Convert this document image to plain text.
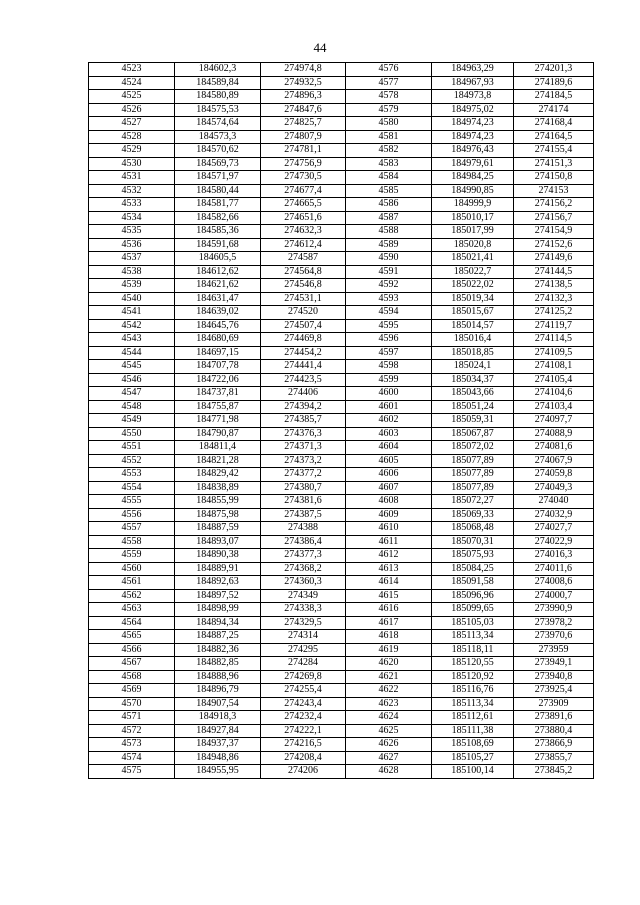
44
4523	184602,3	274974,8	4576	184963,29	274201,3
4524	184589,84	274932,5	4577	184967,93	274189,6
4525	184580,89	274896,3	4578	184973,8	274184,5
4526	184575,53	274847,6	4579	184975,02	274174
4527	184574,64	274825,7	4580	184974,23	274168,4
4528	184573,3	274807,9	4581	184974,23	274164,5
4529	184570,62	274781,1	4582	184976,43	274155,4
4530	184569,73	274756,9	4583	184979,61	274151,3
4531	184571,97	274730,5	4584	184984,25	274150,8
4532	184580,44	274677,4	4585	184990,85	274153
4533	184581,77	274665,5	4586	184999,9	274156,2
4534	184582,66	274651,6	4587	185010,17	274156,7
4535	184585,36	274632,3	4588	185017,99	274154,9
4536	184591,68	274612,4	4589	185020,8	274152,6
4537	184605,5	274587	4590	185021,41	274149,6
4538	184612,62	274564,8	4591	185022,7	274144,5
4539	184621,62	274546,8	4592	185022,02	274138,5
4540	184631,47	274531,1	4593	185019,34	274132,3
4541	184639,02	274520	4594	185015,67	274125,2
4542	184645,76	274507,4	4595	185014,57	274119,7
4543	184680,69	274469,8	4596	185016,4	274114,5
4544	184697,15	274454,2	4597	185018,85	274109,5
4545	184707,78	274441,4	4598	185024,1	274108,1
4546	184722,06	274423,5	4599	185034,37	274105,4
4547	184737,81	274406	4600	185043,66	274104,6
4548	184755,87	274394,2	4601	185051,24	274103,4
4549	184771,98	274385,7	4602	185059,31	274097,7
4550	184790,87	274376,3	4603	185067,87	274088,9
4551	184811,4	274371,3	4604	185072,02	274081,6
4552	184821,28	274373,2	4605	185077,89	274067,9
4553	184829,42	274377,2	4606	185077,89	274059,8
4554	184838,89	274380,7	4607	185077,89	274049,3
4555	184855,99	274381,6	4608	185072,27	274040
4556	184875,98	274387,5	4609	185069,33	274032,9
4557	184887,59	274388	4610	185068,48	274027,7
4558	184893,07	274386,4	4611	185070,31	274022,9
4559	184890,38	274377,3	4612	185075,93	274016,3
4560	184889,91	274368,2	4613	185084,25	274011,6
4561	184892,63	274360,3	4614	185091,58	274008,6
4562	184897,52	274349	4615	185096,96	274000,7
4563	184898,99	274338,3	4616	185099,65	273990,9
4564	184894,34	274329,5	4617	185105,03	273978,2
4565	184887,25	274314	4618	185113,34	273970,6
4566	184882,36	274295	4619	185118,11	273959
4567	184882,85	274284	4620	185120,55	273949,1
4568	184888,96	274269,8	4621	185120,92	273940,8
4569	184896,79	274255,4	4622	185116,76	273925,4
4570	184907,54	274243,4	4623	185113,34	273909
4571	184918,3	274232,4	4624	185112,61	273891,6
4572	184927,84	274222,1	4625	185111,38	273880,4
4573	184937,37	274216,5	4626	185108,69	273866,9
4574	184948,86	274208,4	4627	185105,27	273855,7
4575	184955,95	274206	4628	185100,14	273845,2
